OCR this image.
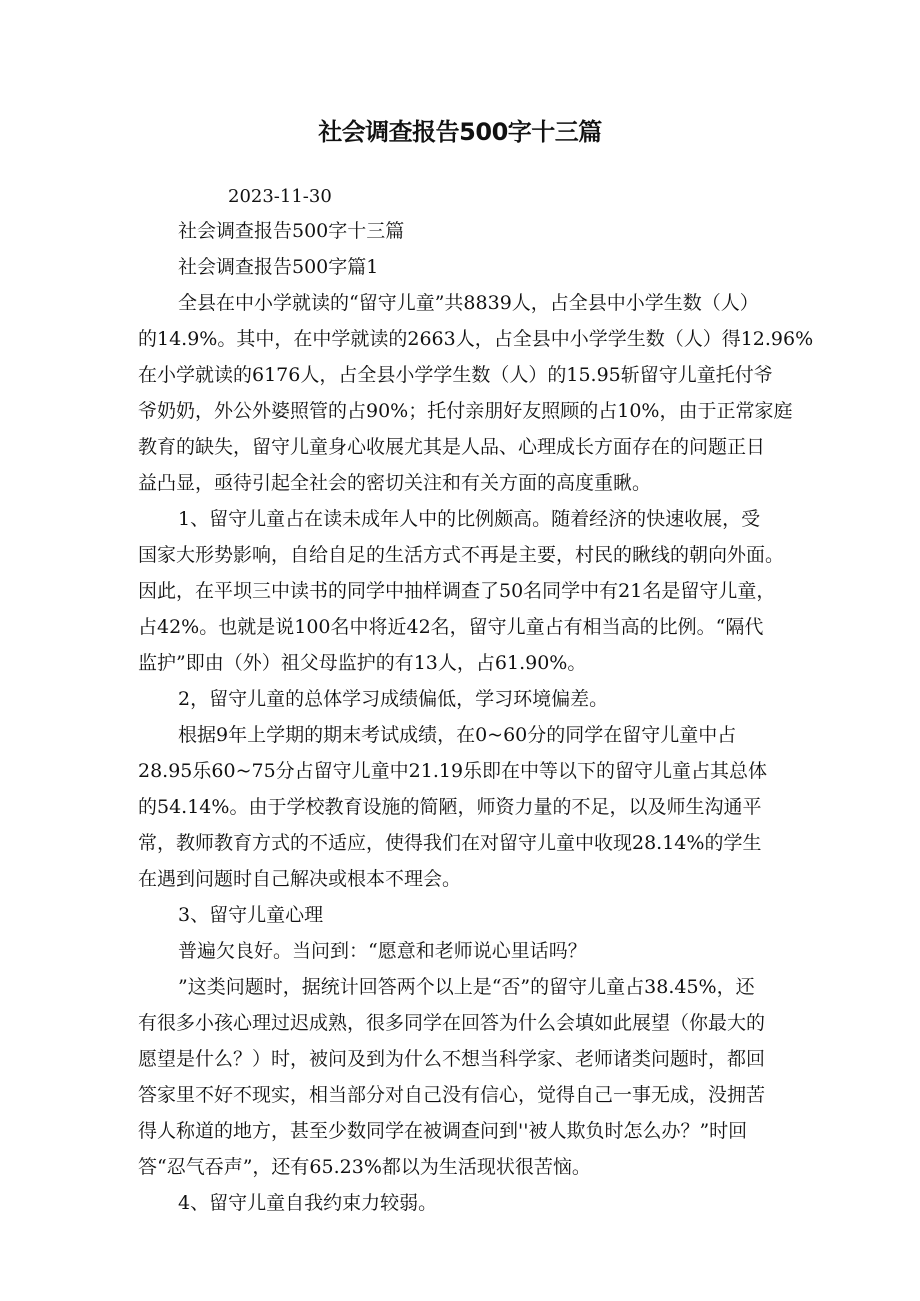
社会调查报告500字十三篇
2023-11-30
社会调查报告500字十三篇
社会调查报告500字篇1
全县在中小学就读的“留守儿童”共8839人，占全县中小学生数（人）
的14.9%。其中，在中学就读的2663人，占全县中小学学生数（人）得12.96%
在小学就读的6176人，占全县小学学生数（人）的15.95斩留守儿童托付爷
爷奶奶，外公外婆照管的占90%；托付亲朋好友照顾的占10%，由于正常家庭
教育的缺失，留守儿童身心收展尤其是人品、心理成长方面存在的问题正日
益凸显，亟待引起全社会的密切关注和有关方面的高度重瞅。
1、留守儿童占在读未成年人中的比例颇高。随着经济的快速收展，受
国家大形势影响，自给自足的生活方式不再是主要，村民的瞅线的朝向外面。
因此，在平坝三中读书的同学中抽样调查了50名同学中有21名是留守儿童，
占42%。也就是说100名中将近42名，留守儿童占有相当高的比例。“隔代
监护”即由（外）祖父母监护的有13人，占61.90%。
2，留守儿童的总体学习成绩偏低，学习环境偏差。
根据9年上学期的期末考试成绩，在0~60分的同学在留守儿童中占
28.95乐60~75分占留守儿童中21.19乐即在中等以下的留守儿童占其总体
的54.14%。由于学校教育设施的简陋，师资力量的不足，以及师生沟通平
常，教师教育方式的不适应，使得我们在对留守儿童中收现28.14%的学生
在遇到问题时自己解决或根本不理会。
3、留守儿童心理
普遍欠良好。当问到：“愿意和老师说心里话吗？
”这类问题时，据统计回答两个以上是“否”的留守儿童占38.45%，还
有很多小孩心理过迟成熟，很多同学在回答为什么会填如此展望（你最大的
愿望是什么？）时，被问及到为什么不想当科学家、老师诸类问题时，都回
答家里不好不现实，相当部分对自己没有信心，觉得自己一事无成，没拥苦
得人称道的地方，甚至少数同学在被调查问到''被人欺负时怎么办？”时回
答“忍气吞声”，还有65.23%都以为生活现状很苦恼。
4、留守儿童自我约束力较弱。
